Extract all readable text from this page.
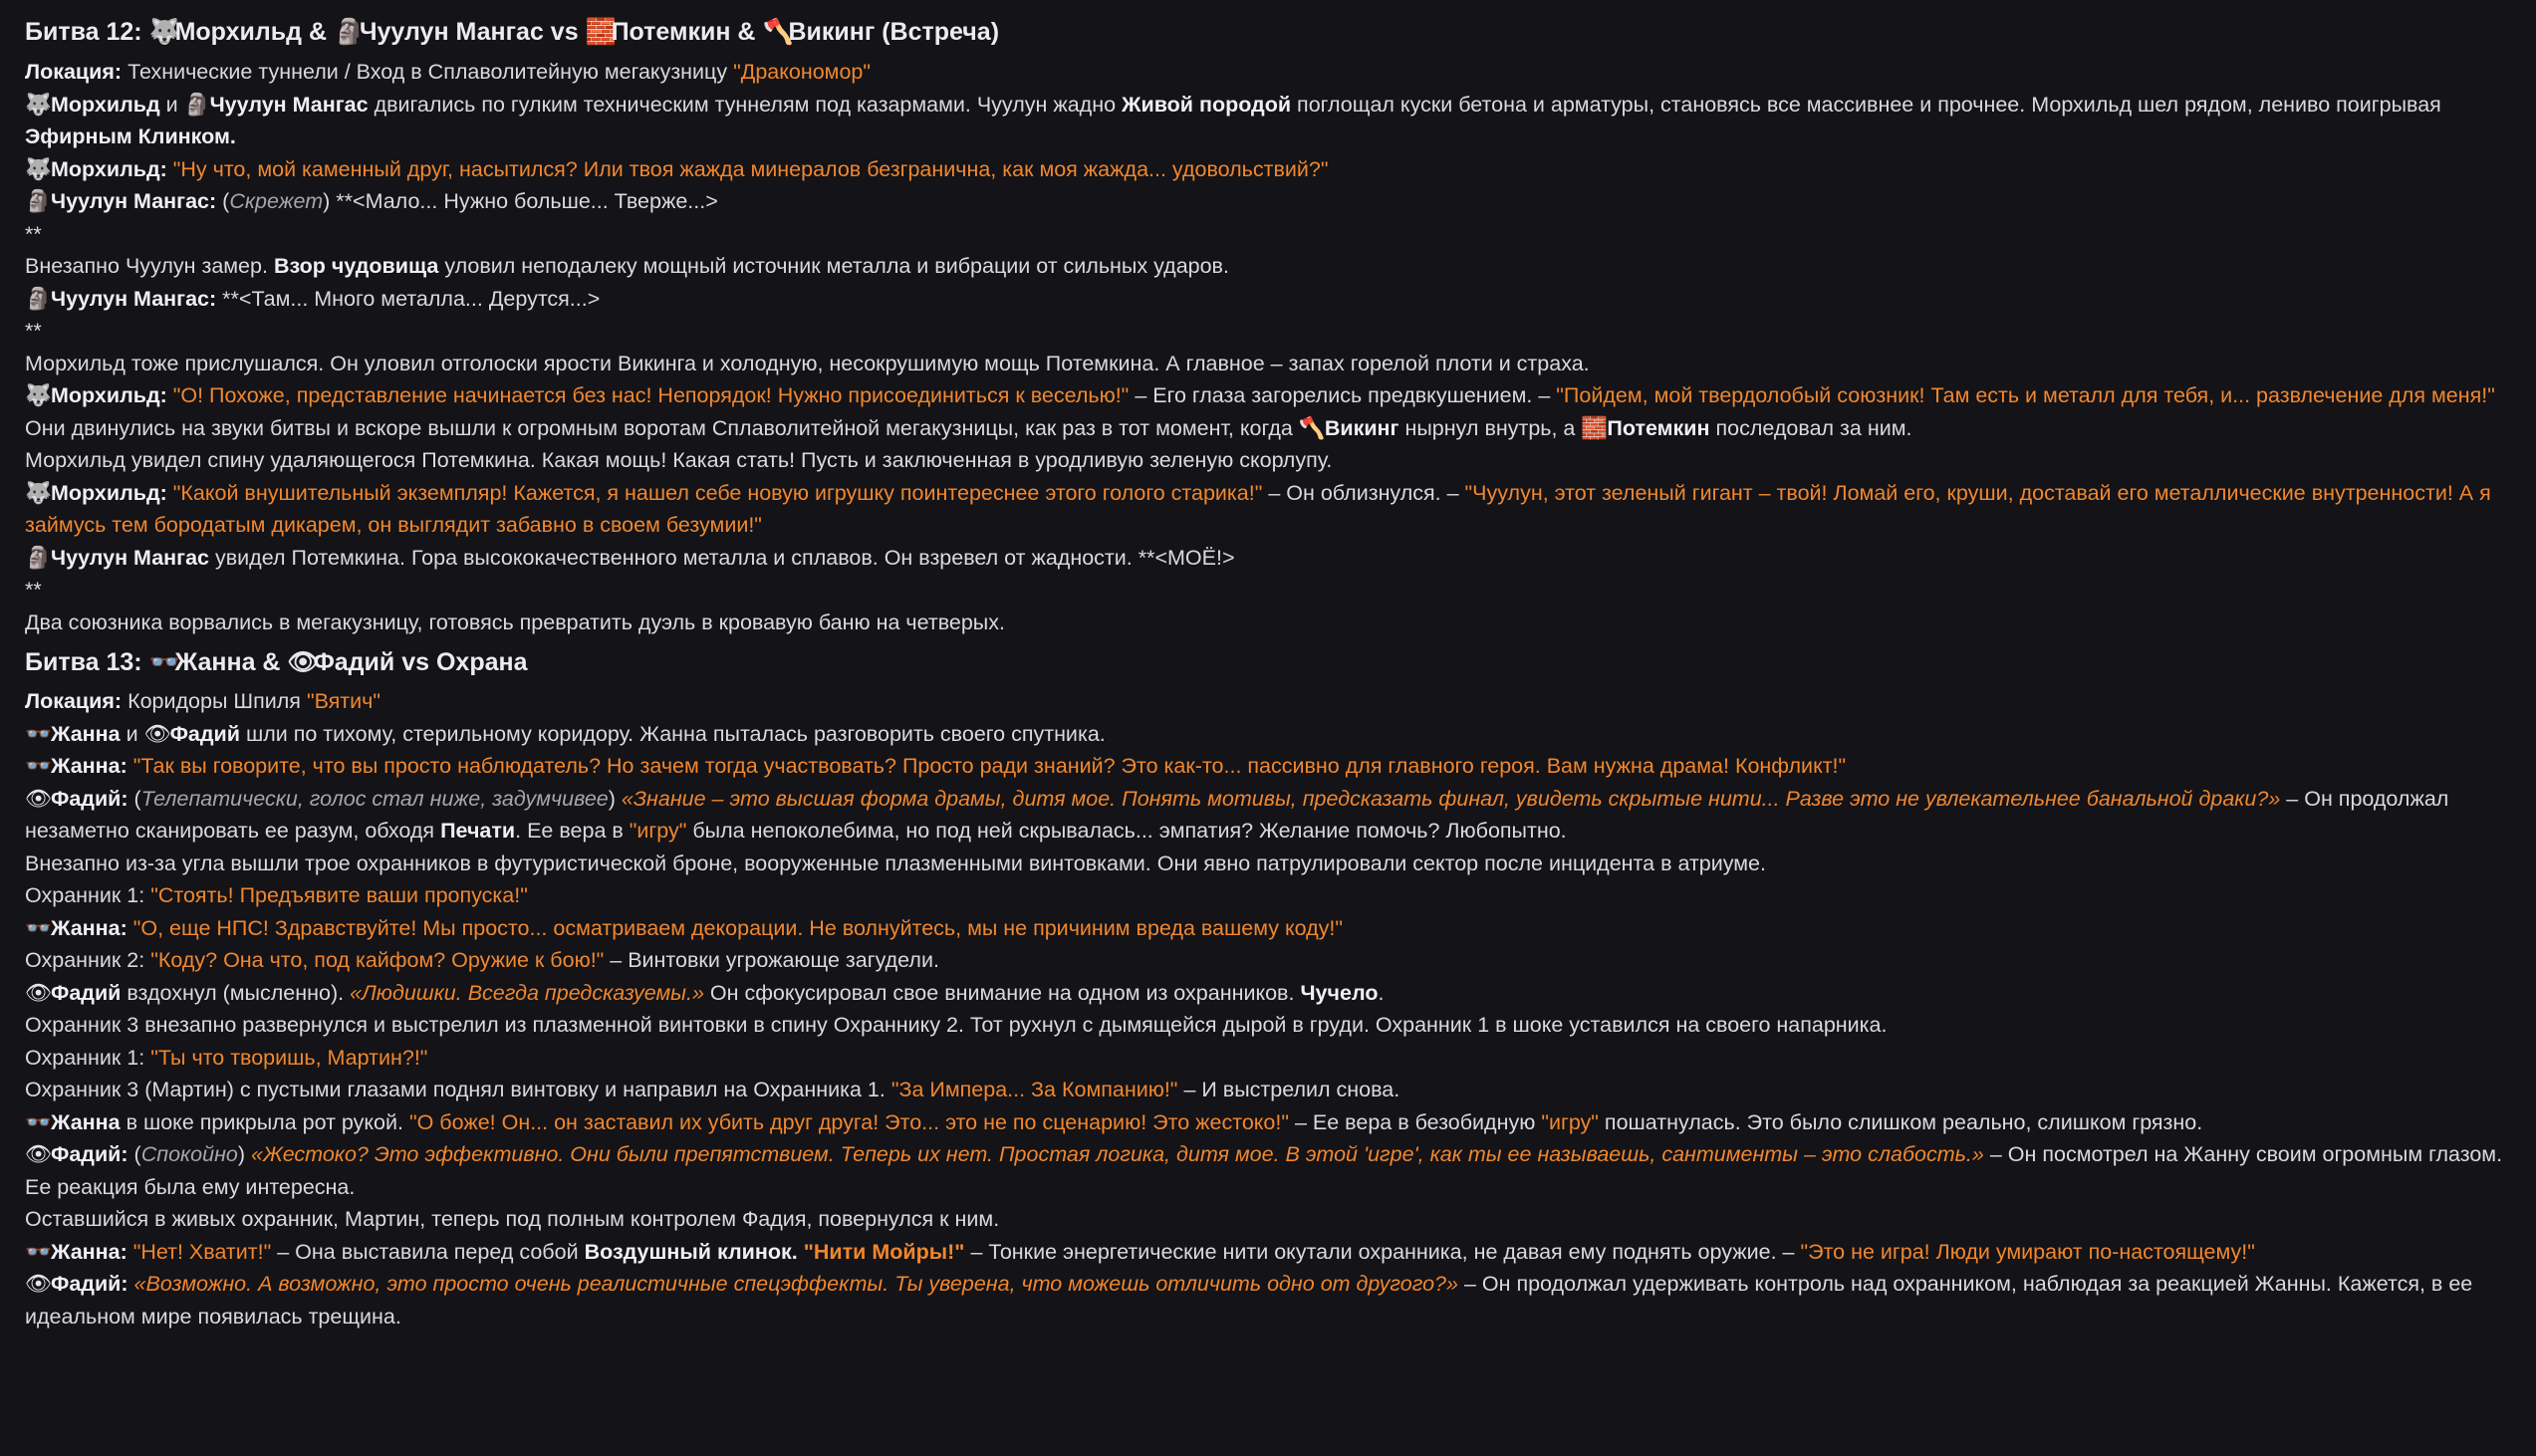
Битва 12: 🐺Морхильд & 🗿Чуулун Мангас vs 🧱Потемкин & 🪓Викинг (Встреча)

Локация: Технические туннели / Вход в Сплаволитейную мегакузницу "Дракономор"

🐺Морхильд и 🗿Чуулун Мангас двигались по гулким техническим туннелям под казармами. Чуулун жадно Живой породой поглощал куски бетона и арматуры, становясь все массивнее и прочнее. Морхильд шел рядом, лениво поигрывая Эфирным Клинком.

🐺Морхильд: "Ну что, мой каменный друг, насытился? Или твоя жажда минералов безгранична, как моя жажда... удовольствий?"

🗿Чуулун Мангас: (Скрежет) **<Мало... Нужно больше... Тверже...>

**

Внезапно Чуулун замер. Взор чудовища уловил неподалеку мощный источник металла и вибрации от сильных ударов.

🗿Чуулун Мангас: **<Там... Много металла... Дерутся...>

**

Морхильд тоже прислушался. Он уловил отголоски ярости Викинга и холодную, несокрушимую мощь Потемкина. А главное – запах горелой плоти и страха.

🐺Морхильд: "О! Похоже, представление начинается без нас! Непорядок! Нужно присоединиться к веселью!" – Его глаза загорелись предвкушением. – "Пойдем, мой твердолобый союзник! Там есть и металл для тебя, и... развлечение для меня!"

Они двинулись на звуки битвы и вскоре вышли к огромным воротам Сплаволитейной мегакузницы, как раз в тот момент, когда 🪓Викинг нырнул внутрь, а 🧱Потемкин последовал за ним.

Морхильд увидел спину удаляющегося Потемкина. Какая мощь! Какая стать! Пусть и заключенная в уродливую зеленую скорлупу.

🐺Морхильд: "Какой внушительный экземпляр! Кажется, я нашел себе новую игрушку поинтереснее этого голого старика!" – Он облизнулся. – "Чуулун, этот зеленый гигант – твой! Ломай его, круши, доставай его металлические внутренности! А я займусь тем бородатым дикарем, он выглядит забавно в своем безумии!"

🗿Чуулун Мангас увидел Потемкина. Гора высококачественного металла и сплавов. Он взревел от жадности. **<МОЁ!>

**

Два союзника ворвались в мегакузницу, готовясь превратить дуэль в кровавую баню на четверых.

Битва 13: 👓Жанна & 👁Фадий vs Охрана

Локация: Коридоры Шпиля "Вятич"

👓Жанна и 👁Фадий шли по тихому, стерильному коридору. Жанна пыталась разговорить своего спутника.

👓Жанна: "Так вы говорите, что вы просто наблюдатель? Но зачем тогда участвовать? Просто ради знаний? Это как-то... пассивно для главного героя. Вам нужна драма! Конфликт!"

👁Фадий: (Телепатически, голос стал ниже, задумчивее) «Знание – это высшая форма драмы, дитя мое. Понять мотивы, предсказать финал, увидеть скрытые нити... Разве это не увлекательнее банальной драки?» – Он продолжал незаметно сканировать ее разум, обходя Печати. Ее вера в "игру" была непоколебима, но под ней скрывалась... эмпатия? Желание помочь? Любопытно.

Внезапно из-за угла вышли трое охранников в футуристической броне, вооруженные плазменными винтовками. Они явно патрулировали сектор после инцидента в атриуме.

Охранник 1: "Стоять! Предъявите ваши пропуска!"

👓Жанна: "О, еще НПС! Здравствуйте! Мы просто... осматриваем декорации. Не волнуйтесь, мы не причиним вреда вашему коду!"

Охранник 2: "Коду? Она что, под кайфом? Оружие к бою!" – Винтовки угрожающе загудели.

👁Фадий вздохнул (мысленно). «Людишки. Всегда предсказуемы.» Он сфокусировал свое внимание на одном из охранников. Чучело.

Охранник 3 внезапно развернулся и выстрелил из плазменной винтовки в спину Охраннику 2. Тот рухнул с дымящейся дырой в груди. Охранник 1 в шоке уставился на своего напарника.

Охранник 1: "Ты что творишь, Мартин?!"

Охранник 3 (Мартин) с пустыми глазами поднял винтовку и направил на Охранника 1. "За Импера... За Компанию!" – И выстрелил снова.

👓Жанна в шоке прикрыла рот рукой. "О боже! Он... он заставил их убить друг друга! Это... это не по сценарию! Это жестоко!" – Ее вера в безобидную "игру" пошатнулась. Это было слишком реально, слишком грязно.

👁Фадий: (Спокойно) «Жестоко? Это эффективно. Они были препятствием. Теперь их нет. Простая логика, дитя мое. В этой 'игре', как ты ее называешь, сантименты – это слабость.» – Он посмотрел на Жанну своим огромным глазом. Ее реакция была ему интересна.

Оставшийся в живых охранник, Мартин, теперь под полным контролем Фадия, повернулся к ним.

👓Жанна: "Нет! Хватит!" – Она выставила перед собой Воздушный клинок. "Нити Мойры!" – Тонкие энергетические нити окутали охранника, не давая ему поднять оружие. – "Это не игра! Люди умирают по-настоящему!"

👁Фадий: «Возможно. А возможно, это просто очень реалистичные спецэффекты. Ты уверена, что можешь отличить одно от другого?» – Он продолжал удерживать контроль над охранником, наблюдая за реакцией Жанны. Кажется, в ее идеальном мире появилась трещина.
